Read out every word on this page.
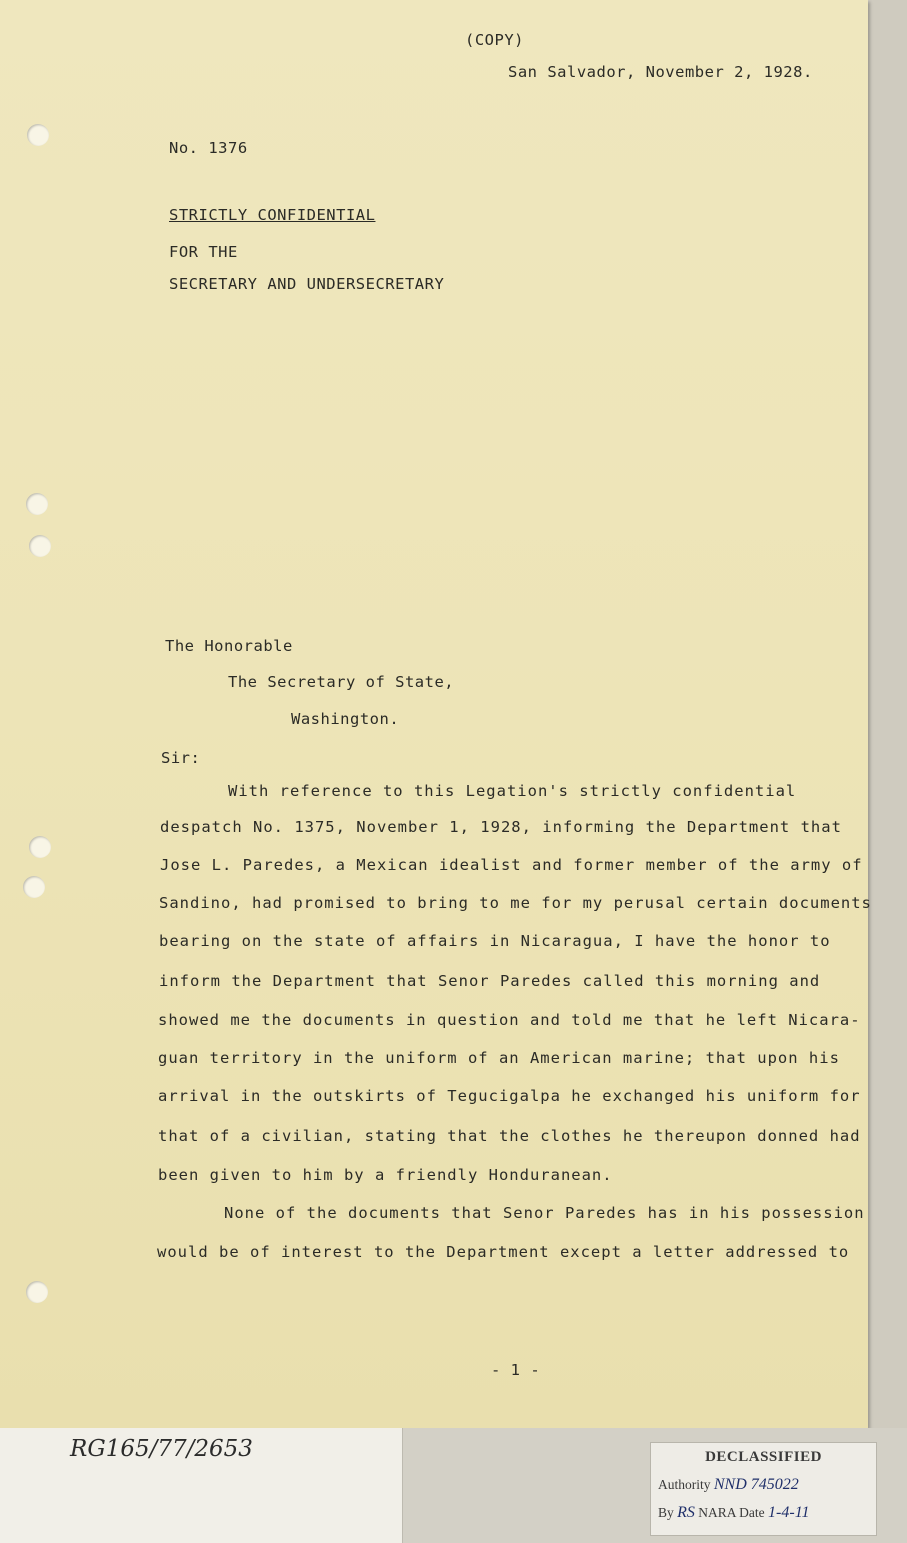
(COPY)
San Salvador, November 2, 1928.
No. 1376
STRICTLY CONFIDENTIAL
FOR THE
SECRETARY AND UNDERSECRETARY
The Honorable
The Secretary of State,
Washington.
Sir:
With reference to this Legation's strictly confidential
despatch No. 1375, November 1, 1928, informing the Department that
Jose L. Paredes, a Mexican idealist and former member of the army of
Sandino, had promised to bring to me for my perusal certain documents
bearing on the state of affairs in Nicaragua, I have the honor to
inform the Department that Senor Paredes called this morning and
showed me the documents in question and told me that he left Nicara-
guan territory in the uniform of an American marine; that upon his
arrival in the outskirts of Tegucigalpa he exchanged his uniform for
that of a civilian, stating that the clothes he thereupon donned had
been given to him by a friendly Honduranean.
None of the documents that Senor Paredes has in his possession
would be of interest to the Department except a letter addressed to
- 1 -
RG165/77/2653	DECLASSIFIED
Authority NND 745022
By RS NARA Date 1-4-11
